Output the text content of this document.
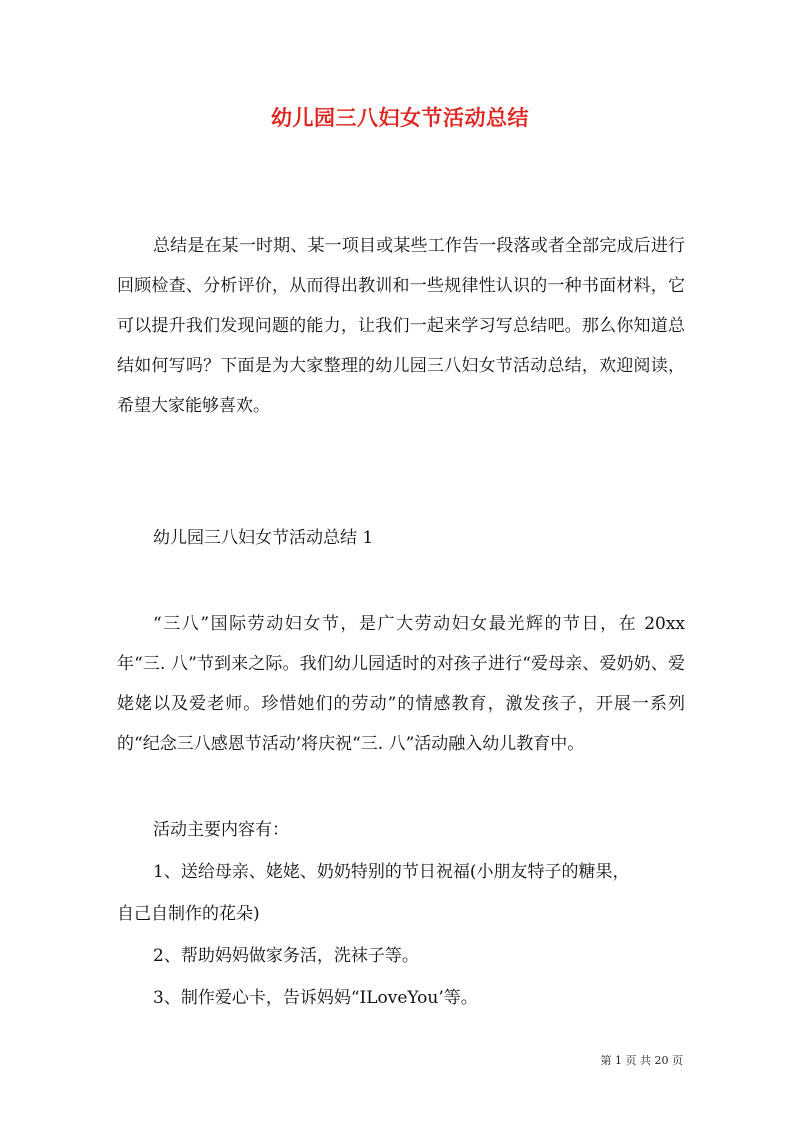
幼儿园三八妇女节活动总结

总结是在某一时期、某一项目或某些工作告一段落或者全部完成后进行回顾检查、分析评价，从而得出教训和一些规律性认识的一种书面材料，它可以提升我们发现问题的能力，让我们一起来学习写总结吧。那么你知道总结如何写吗？下面是为大家整理的幼儿园三八妇女节活动总结，欢迎阅读，希望大家能够喜欢。

幼儿园三八妇女节活动总结 1

“三八”国际劳动妇女节，是广大劳动妇女最光辉的节日，在 20xx 年“三. 八”节到来之际。我们幼儿园适时的对孩子进行“爱母亲、爱奶奶、爱姥姥以及爱老师。珍惜她们的劳动”的情感教育，激发孩子，开展一系列的“纪念三八感恩节活动’将庆祝“三. 八”活动融入幼儿教育中。

活动主要内容有：

1、送给母亲、姥姥、奶奶特别的节日祝福(小朋友特子的糖果，

自己自制作的花朵)

2、帮助妈妈做家务活，洗袜子等。

3、制作爱心卡，告诉妈妈“ILoveYou’等。

第 1 页 共 20 页
